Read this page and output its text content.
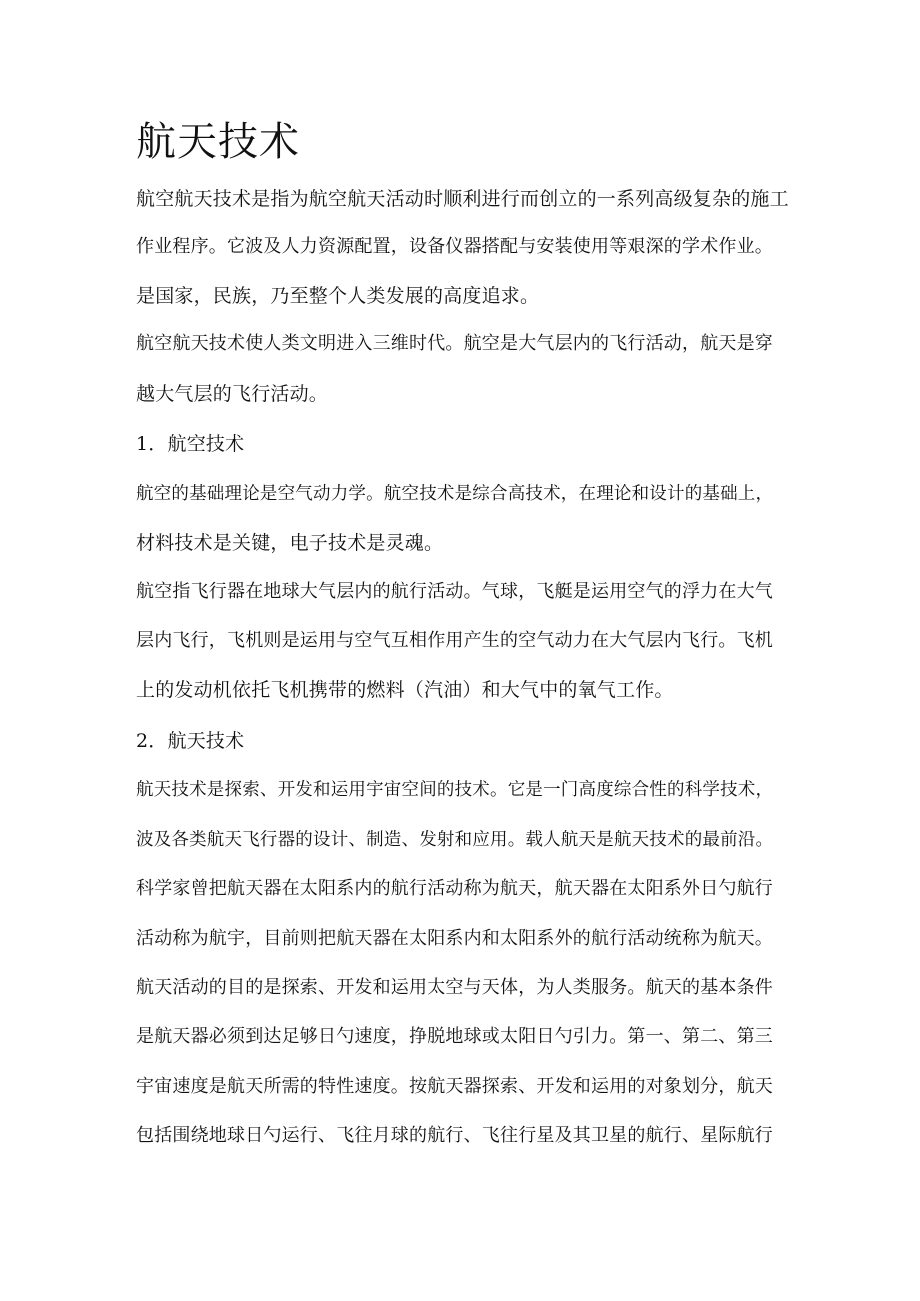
航天技术

航空航天技术是指为航空航天活动时顺利进行而创立的一系列高级复杂的施工

作业程序。它波及人力资源配置，设备仪器搭配与安装使用等艰深的学术作业。

是国家，民族，乃至整个人类发展的高度追求。

航空航天技术使人类文明进入三维时代。航空是大气层内的飞行活动，航天是穿

越大气层的飞行活动。

1．航空技术

航空的基础理论是空气动力学。航空技术是综合高技术，在理论和设计的基础上，

材料技术是关键，电子技术是灵魂。

航空指飞行器在地球大气层内的航行活动。气球，飞艇是运用空气的浮力在大气

层内飞行，飞机则是运用与空气互相作用产生的空气动力在大气层内飞行。飞机

上的发动机依托飞机携带的燃料（汽油）和大气中的氧气工作。

2．航天技术

航天技术是探索、开发和运用宇宙空间的技术。它是一门高度综合性的科学技术，

波及各类航天飞行器的设计、制造、发射和应用。载人航天是航天技术的最前沿。

科学家曾把航天器在太阳系内的航行活动称为航天，航天器在太阳系外日勺航行

活动称为航宇，目前则把航天器在太阳系内和太阳系外的航行活动统称为航天。

航天活动的目的是探索、开发和运用太空与天体，为人类服务。航天的基本条件

是航天器必须到达足够日勺速度，挣脱地球或太阳日勺引力。第一、第二、第三

宇宙速度是航天所需的特性速度。按航天器探索、开发和运用的对象划分，航天

包括围绕地球日勺运行、飞往月球的航行、飞往行星及其卫星的航行、星际航行
